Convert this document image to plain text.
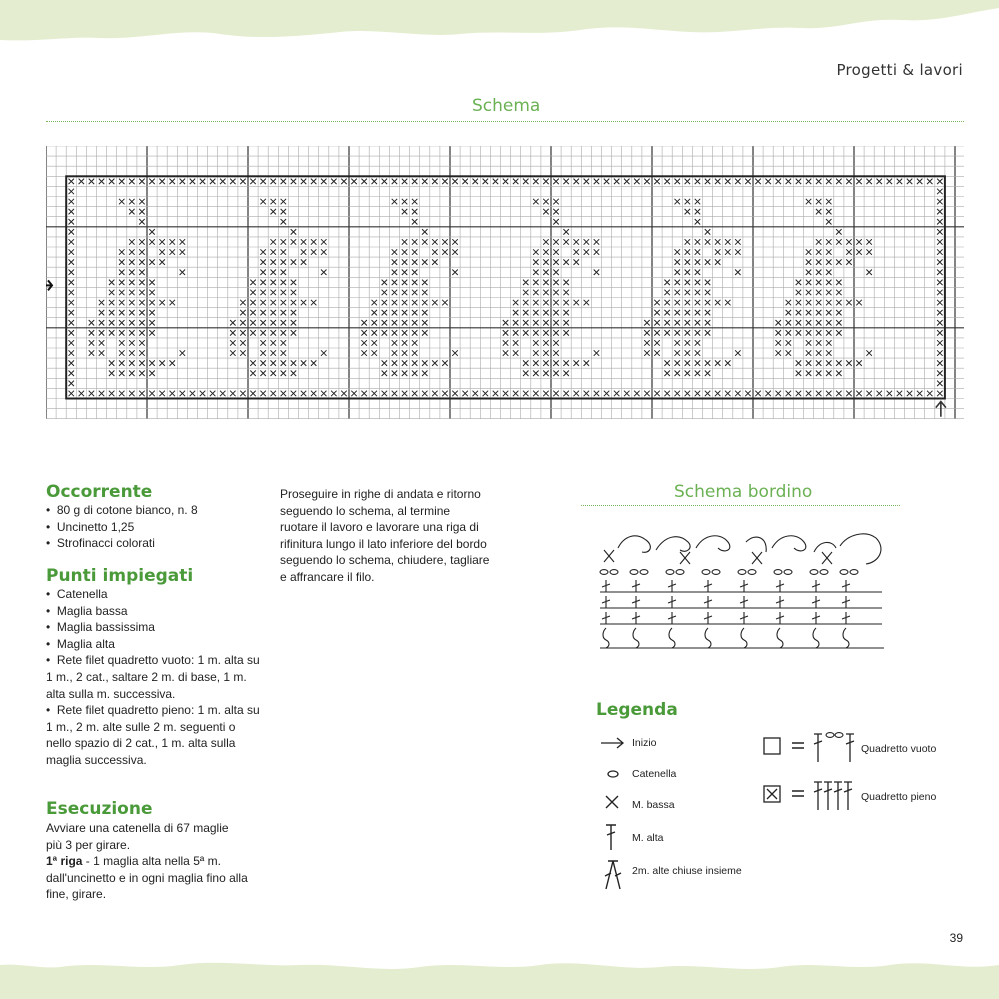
Progetti & lavori
Schema
Occorrente
•  80 g di cotone bianco, n. 8
•  Uncinetto 1,25
•  Strofinacci colorati
Punti impiegati
•  Catenella
•  Maglia bassa
•  Maglia bassissima
•  Maglia alta
•  Rete filet quadretto vuoto: 1 m. alta su
1 m., 2 cat., saltare 2 m. di base, 1 m.
alta sulla m. successiva.
•  Rete filet quadretto pieno: 1 m. alta su
1 m., 2 m. alte sulle 2 m. seguenti o
nello spazio di 2 cat., 1 m. alta sulla
maglia successiva.
Esecuzione
Avviare una catenella di 67 maglie
più 3 per girare.
1ª riga - 1 maglia alta nella 5ª m.
dall'uncinetto e in ogni maglia fino alla
fine, girare.
Proseguire in righe di andata e ritorno
seguendo lo schema, al termine
ruotare il lavoro e lavorare una riga di
rifinitura lungo il lato inferiore del bordo
seguendo lo schema, chiudere, tagliare
e affrancare il filo.
Schema bordino
Legenda
Inizio
Catenella
M. bassa
M. alta
2m. alte chiuse insieme
Quadretto vuoto
Quadretto pieno
39
